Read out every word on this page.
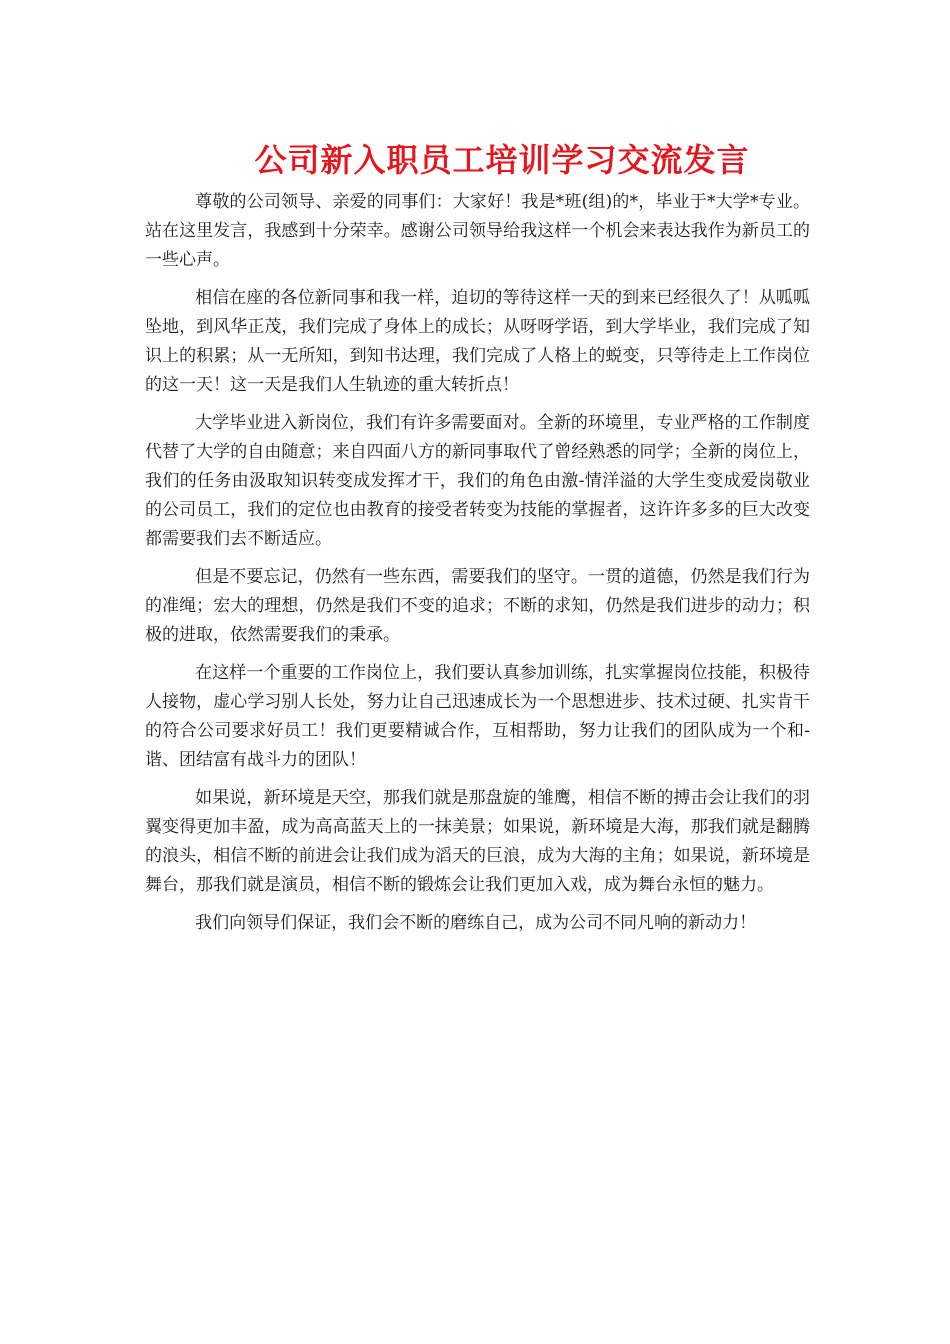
公司新入职员工培训学习交流发言

尊敬的公司领导、亲爱的同事们：大家好！我是*班(组)的*，毕业于*大学*专业。站在这里发言，我感到十分荣幸。感谢公司领导给我这样一个机会来表达我作为新员工的一些心声。

相信在座的各位新同事和我一样，迫切的等待这样一天的到来已经很久了！从呱呱坠地，到风华正茂，我们完成了身体上的成长；从呀呀学语，到大学毕业，我们完成了知识上的积累；从一无所知，到知书达理，我们完成了人格上的蜕变，只等待走上工作岗位的这一天！这一天是我们人生轨迹的重大转折点！

大学毕业进入新岗位，我们有许多需要面对。全新的环境里，专业严格的工作制度代替了大学的自由随意；来自四面八方的新同事取代了曾经熟悉的同学；全新的岗位上，我们的任务由汲取知识转变成发挥才干，我们的角色由激-情洋溢的大学生变成爱岗敬业的公司员工，我们的定位也由教育的接受者转变为技能的掌握者，这许许多多的巨大改变都需要我们去不断适应。

但是不要忘记，仍然有一些东西，需要我们的坚守。一贯的道德，仍然是我们行为的准绳；宏大的理想，仍然是我们不变的追求；不断的求知，仍然是我们进步的动力；积极的进取，依然需要我们的秉承。

在这样一个重要的工作岗位上，我们要认真参加训练，扎实掌握岗位技能，积极待人接物，虚心学习别人长处，努力让自己迅速成长为一个思想进步、技术过硬、扎实肯干的符合公司要求好员工！我们更要精诚合作，互相帮助，努力让我们的团队成为一个和-谐、团结富有战斗力的团队！

如果说，新环境是天空，那我们就是那盘旋的雏鹰，相信不断的搏击会让我们的羽翼变得更加丰盈，成为高高蓝天上的一抹美景；如果说，新环境是大海，那我们就是翻腾的浪头，相信不断的前进会让我们成为滔天的巨浪，成为大海的主角；如果说，新环境是舞台，那我们就是演员，相信不断的锻炼会让我们更加入戏，成为舞台永恒的魅力。

我们向领导们保证，我们会不断的磨练自己，成为公司不同凡响的新动力！
